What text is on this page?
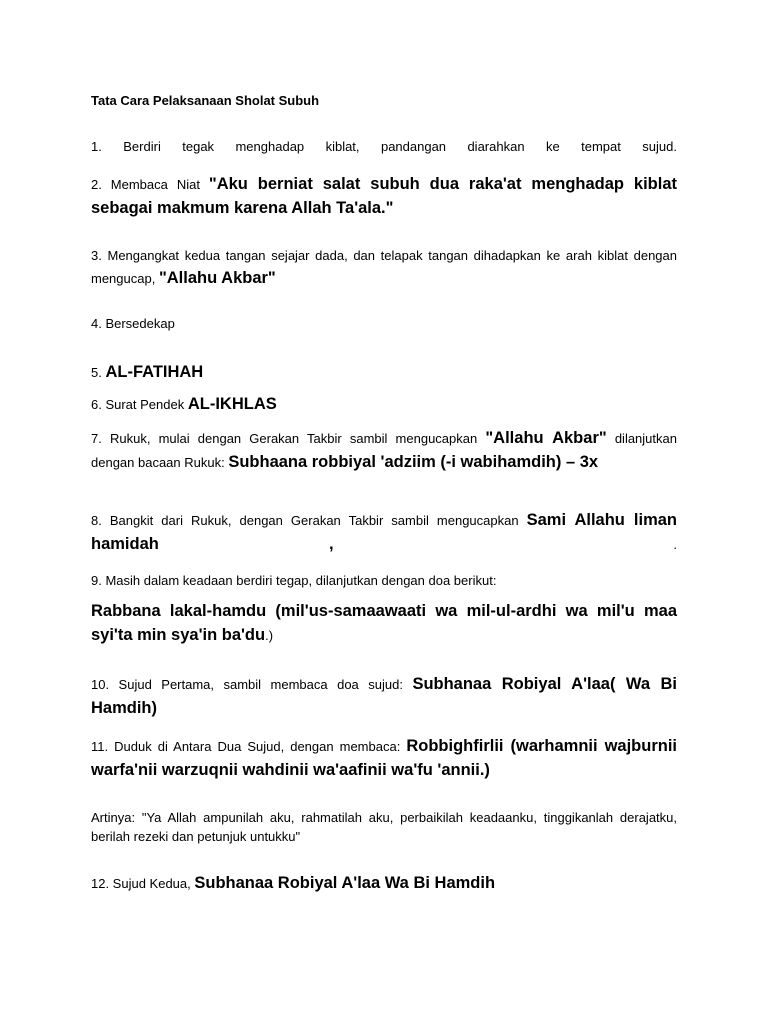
Tata Cara Pelaksanaan Sholat Subuh
1. Berdiri tegak menghadap kiblat, pandangan diarahkan ke tempat sujud.
2. Membaca Niat "Aku berniat salat subuh dua raka'at menghadap kiblat sebagai makmum karena Allah Ta'ala."
3. Mengangkat kedua tangan sejajar dada, dan telapak tangan dihadapkan ke arah kiblat dengan mengucap, "Allahu Akbar"
4. Bersedekap
5. AL-FATIHAH
6. Surat Pendek AL-IKHLAS
7. Rukuk, mulai dengan Gerakan Takbir sambil mengucapkan "Allahu Akbar" dilanjutkan dengan bacaan Rukuk: Subhaana robbiyal 'adziim (-i wabihamdih) – 3x
8. Bangkit dari Rukuk, dengan Gerakan Takbir sambil mengucapkan Sami Allahu liman hamidah	,	.
9. Masih dalam keadaan berdiri tegap, dilanjutkan dengan doa berikut:
Rabbana lakal-hamdu (mil'us-samaawaati wa mil-ul-ardhi wa mil'u maa syi'ta min sya'in ba'du.)
10. Sujud Pertama, sambil membaca doa sujud: Subhanaa Robiyal A'laa( Wa Bi Hamdih)
11. Duduk di Antara Dua Sujud, dengan membaca: Robbighfirlii (warhamnii wajburnii warfa'nii warzuqnii wahdinii wa'aafinii wa'fu 'annii.)
Artinya: "Ya Allah ampunilah aku, rahmatilah aku, perbaikilah keadaanku, tinggikanlah derajatku, berilah rezeki dan petunjuk untukku"
12. Sujud Kedua, Subhanaa Robiyal A'laa Wa Bi Hamdih
